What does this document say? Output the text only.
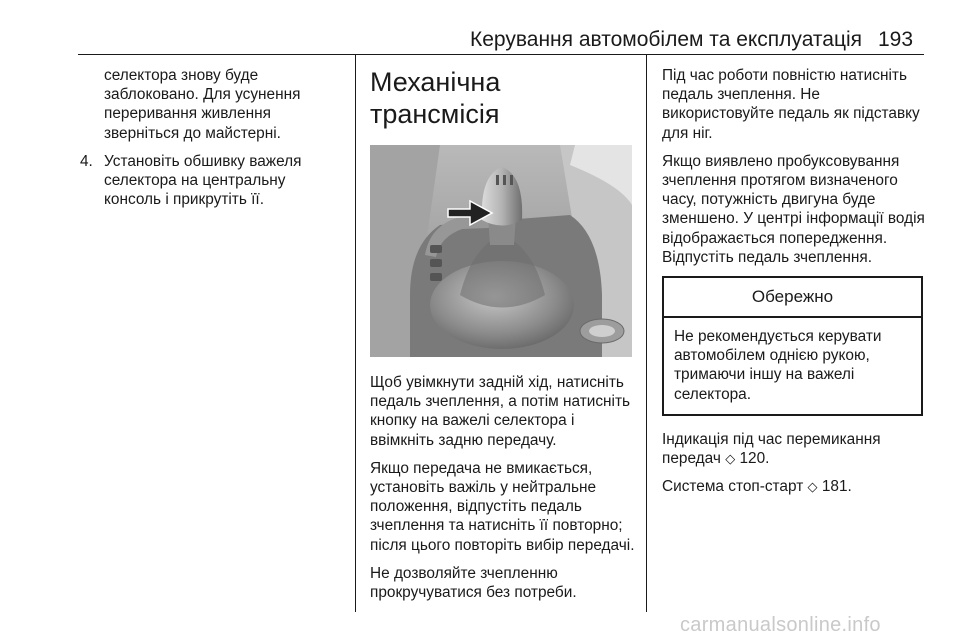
Керування автомобілем та експлуатація 193

селектора знову буде заблоковано. Для усунення переривання живлення зверніться до майстерні.

4. Установіть обшивку важеля селектора на центральну консоль і прикрутіть її.
Механічна трансмісія

Щоб увімкнути задній хід, натисніть педаль зчеплення, а потім натисніть кнопку на важелі селектора і ввімкніть задню передачу.

Якщо передача не вмикається, установіть важіль у нейтральне положення, відпустіть педаль зчеплення та натисніть її повторно; після цього повторіть вибір передачі.

Не дозволяйте зчепленню прокручуватися без потреби.

Під час роботи повністю натисніть педаль зчеплення. Не використовуйте педаль як підставку для ніг.

Якщо виявлено пробуксовування зчеплення протягом визначеного часу, потужність двигуна буде зменшено. У центрі інформації водія відображається попередження. Відпустіть педаль зчеплення.

Обережно
Не рекомендується керувати автомобілем однією рукою, тримаючи іншу на важелі селектора.

Індикація під час перемикання передач ◇ 120.

Система стоп-старт ◇ 181.

carmanualsonline.info
